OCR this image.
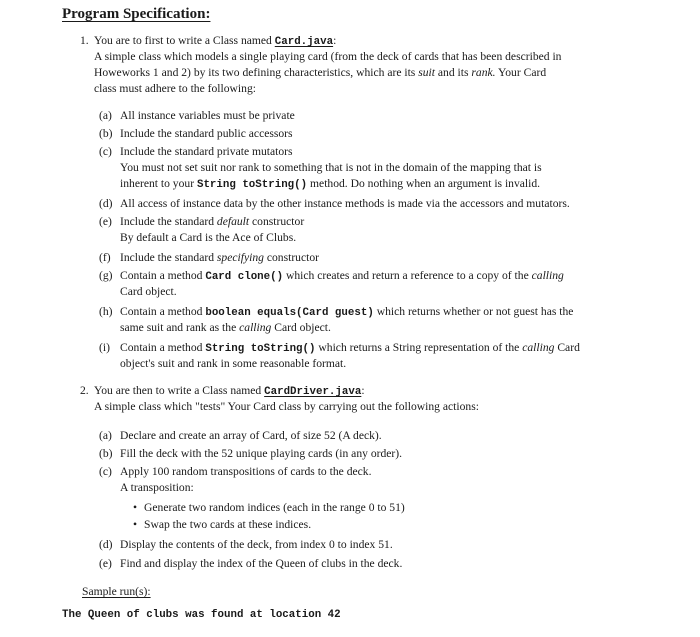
Program Specification:
1. You are to first to write a Class named Card.java:
A simple class which models a single playing card (from the deck of cards that has been described in
Howeworks 1 and 2) by its two defining characteristics, which are its suit and its rank. Your Card
class must adhere to the following:
(a) All instance variables must be private
(b) Include the standard public accessors
(c) Include the standard private mutators
You must not set suit nor rank to something that is not in the domain of the mapping that is
inherent to your String toString() method. Do nothing when an argument is invalid.
(d) All access of instance data by the other instance methods is made via the accessors and mutators.
(e) Include the standard default constructor
By default a Card is the Ace of Clubs.
(f) Include the standard specifying constructor
(g) Contain a method Card clone() which creates and return a reference to a copy of the calling
Card object.
(h) Contain a method boolean equals(Card guest) which returns whether or not guest has the
same suit and rank as the calling Card object.
(i) Contain a method String toString() which returns a String representation of the calling Card
object's suit and rank in some reasonable format.
2. You are then to write a Class named CardDriver.java:
A simple class which "tests" Your Card class by carrying out the following actions:
(a) Declare and create an array of Card, of size 52 (A deck).
(b) Fill the deck with the 52 unique playing cards (in any order).
(c) Apply 100 random transpositions of cards to the deck.
A transposition:
• Generate two random indices (each in the range 0 to 51)
• Swap the two cards at these indices.
(d) Display the contents of the deck, from index 0 to index 51.
(e) Find and display the index of the Queen of clubs in the deck.
Sample run(s):
The Queen of clubs was found at location 42
